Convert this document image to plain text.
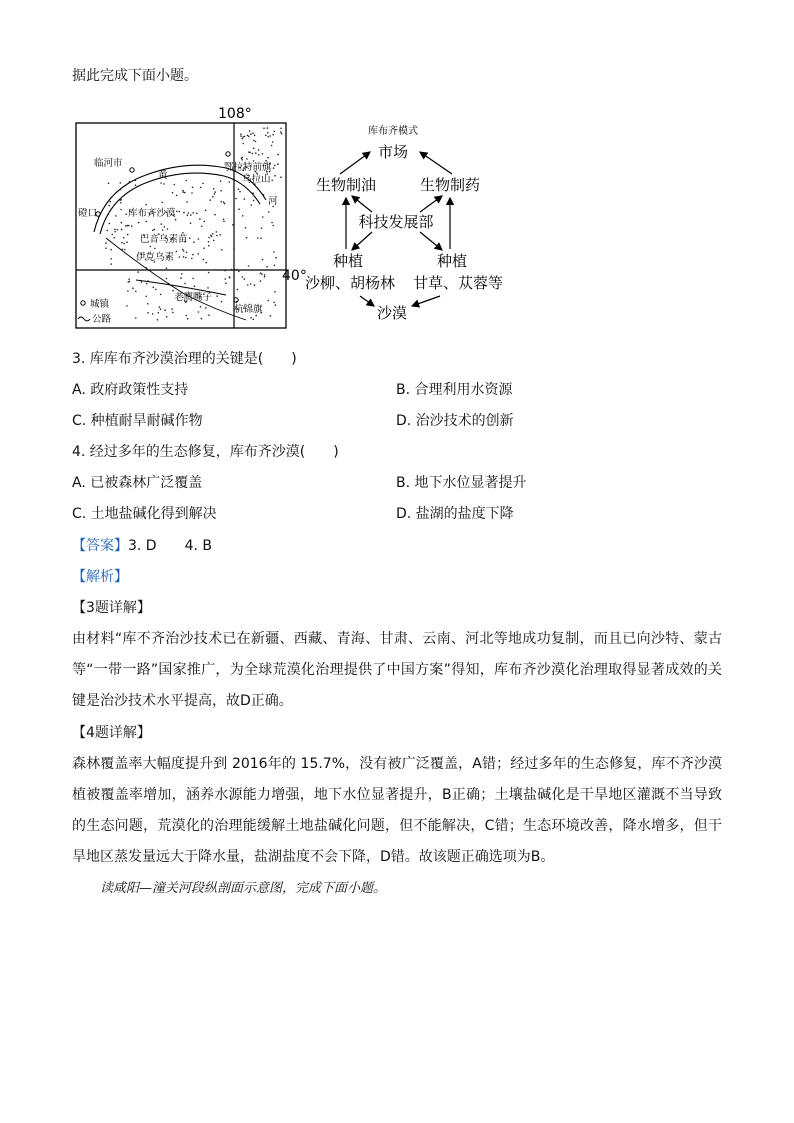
据此完成下面小题。
108°
临河市	鄂拉特前旗
乌拉山
黄
河
磴口	库布齐沙漠
巴音乌素苗
伊克乌素
老鹰嘴子
杭锦旗
40°
城镇
公路
库布齐模式
市场
生物制油	生物制药
科技发展部
种植
沙柳、胡杨林
种植
甘草、苁蓉等
沙漠
3. 库库布齐沙漠治理的关键是(　　)
A. 政府政策性支持	B. 合理利用水资源
C. 种植耐旱耐碱作物	D. 治沙技术的创新
4. 经过多年的生态修复，库布齐沙漠(　　)
A. 已被森林广泛覆盖	B. 地下水位显著提升
C. 土地盐碱化得到解决	D. 盐湖的盐度下降
【答案】3. D　　4. B
【解析】
【3题详解】
由材料“库不齐治沙技术已在新疆、西藏、青海、甘肃、云南、河北等地成功复制，而且已向沙特、蒙古等“一带一路”国家推广，为全球荒漠化治理提供了中国方案”得知，库布齐沙漠化治理取得显著成效的关键是治沙技术水平提高，故D正确。
【4题详解】
森林覆盖率大幅度提升到 2016年的 15.7%，没有被广泛覆盖，A错；经过多年的生态修复，库不齐沙漠植被覆盖率增加，涵养水源能力增强，地下水位显著提升，B正确；土壤盐碱化是干旱地区灌溉不当导致的生态问题，荒漠化的治理能缓解土地盐碱化问题，但不能解决，C错；生态环境改善，降水增多，但干旱地区蒸发量远大于降水量，盐湖盐度不会下降，D错。故该题正确选项为B。
读咸阳—潼关河段纵剖面示意图，完成下面小题。
